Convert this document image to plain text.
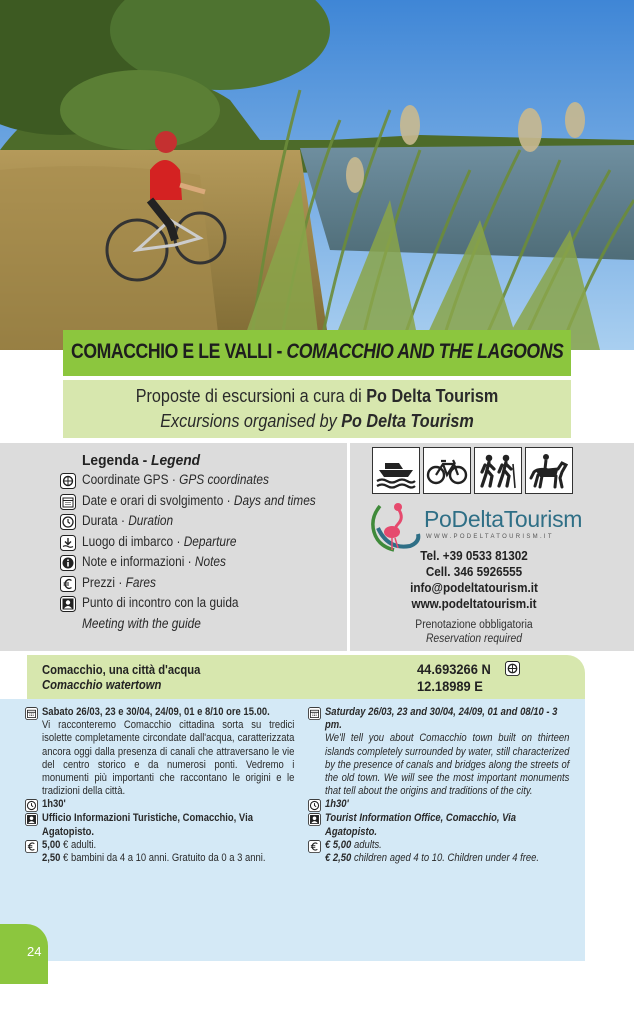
COMACCHIO E LE VALLI - COMACCHIO AND THE LAGOONS
Proposte di escursioni a cura di Po Delta Tourism
Excursions organised by Po Delta Tourism
Legenda - Legend
Coordinate GPS · GPS coordinates
Date e orari di svolgimento · Days and times
Durata · Duration
Luogo di imbarco · Departure
Note e informazioni · Notes
Prezzi · Fares
Punto di incontro con la guida
Meeting with the guide
PoDeltaTourism
WWW.PODELTATOURISM.IT
Tel. +39 0533 81302
Cell. 346 5926555
info@podeltatourism.it
www.podeltatourism.it
Prenotazione obbligatoria
Reservation required
Comacchio, una città d'acqua
Comacchio watertown
44.693266 N
12.18989 E
Sabato 26/03, 23 e 30/04, 24/09, 01 e 8/10 ore 15.00.

Vi racconteremo Comacchio cittadina sorta su tredici isolette completamente circondate dall'acqua, caratterizzata ancora oggi dalla presenza di canali che attraversano le vie del centro storico e da numerosi ponti. Vedremo i monumenti più importanti che raccontano le origini e le tradizioni della città.
1h30'
Ufficio Informazioni Turistiche, Comacchio, Via Agatopisto.
5,00 € adulti.
2,50 € bambini da 4 a 10 anni. Gratuito da 0 a 3 anni.
Saturday 26/03, 23 and 30/04, 24/09, 01 and 08/10 - 3 pm.

We'll tell you about Comacchio town built on thirteen islands completely surrounded by water, still characterized by the presence of canals and bridges along the streets of the old town. We will see the most important monuments that tell about the origins and traditions of the city.
1h30'
Tourist Information Office, Comacchio, Via Agatopisto.
€ 5,00 adults.
€ 2,50 children aged 4 to 10. Children under 4 free.
24
